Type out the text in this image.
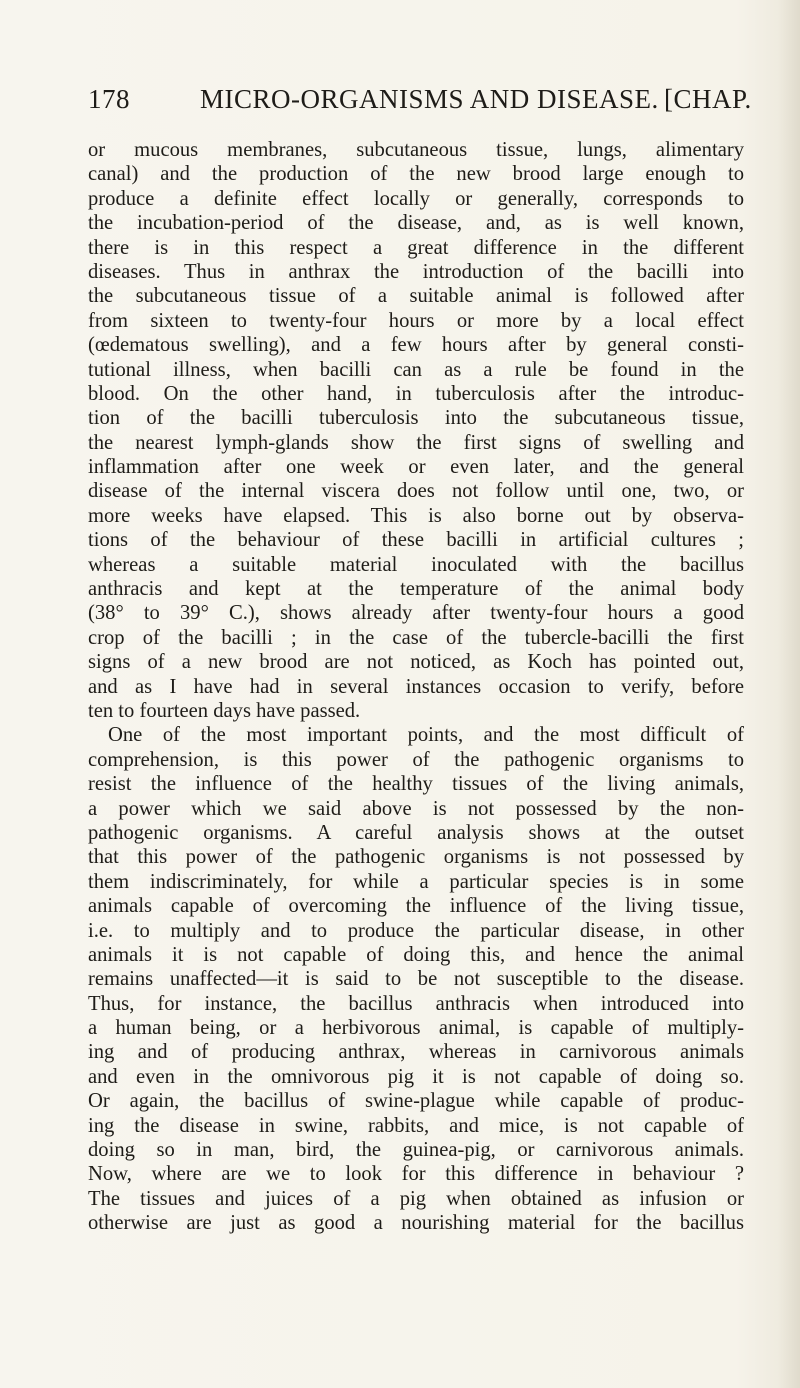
178	MICRO-ORGANISMS AND DISEASE. [CHAP.
or mucous membranes, subcutaneous tissue, lungs, alimentary
canal) and the production of the new brood large enough to
produce a definite effect locally or generally, corresponds to
the incubation-period of the disease, and, as is well known,
there is in this respect a great difference in the different
diseases. Thus in anthrax the introduction of the bacilli into
the subcutaneous tissue of a suitable animal is followed after
from sixteen to twenty-four hours or more by a local effect
(œdematous swelling), and a few hours after by general consti-
tutional illness, when bacilli can as a rule be found in the
blood. On the other hand, in tuberculosis after the introduc-
tion of the bacilli tuberculosis into the subcutaneous tissue,
the nearest lymph-glands show the first signs of swelling and
inflammation after one week or even later, and the general
disease of the internal viscera does not follow until one, two, or
more weeks have elapsed. This is also borne out by observa-
tions of the behaviour of these bacilli in artificial cultures ;
whereas a suitable material inoculated with the bacillus
anthracis and kept at the temperature of the animal body
(38° to 39° C.), shows already after twenty-four hours a good
crop of the bacilli ; in the case of the tubercle-bacilli the first
signs of a new brood are not noticed, as Koch has pointed out,
and as I have had in several instances occasion to verify, before
ten to fourteen days have passed.
One of the most important points, and the most difficult of
comprehension, is this power of the pathogenic organisms to
resist the influence of the healthy tissues of the living animals,
a power which we said above is not possessed by the non-
pathogenic organisms. A careful analysis shows at the outset
that this power of the pathogenic organisms is not possessed by
them indiscriminately, for while a particular species is in some
animals capable of overcoming the influence of the living tissue,
i.e. to multiply and to produce the particular disease, in other
animals it is not capable of doing this, and hence the animal
remains unaffected—it is said to be not susceptible to the disease.
Thus, for instance, the bacillus anthracis when introduced into
a human being, or a herbivorous animal, is capable of multiply-
ing and of producing anthrax, whereas in carnivorous animals
and even in the omnivorous pig it is not capable of doing so.
Or again, the bacillus of swine-plague while capable of produc-
ing the disease in swine, rabbits, and mice, is not capable of
doing so in man, bird, the guinea-pig, or carnivorous animals.
Now, where are we to look for this difference in behaviour ?
The tissues and juices of a pig when obtained as infusion or
otherwise are just as good a nourishing material for the bacillus
